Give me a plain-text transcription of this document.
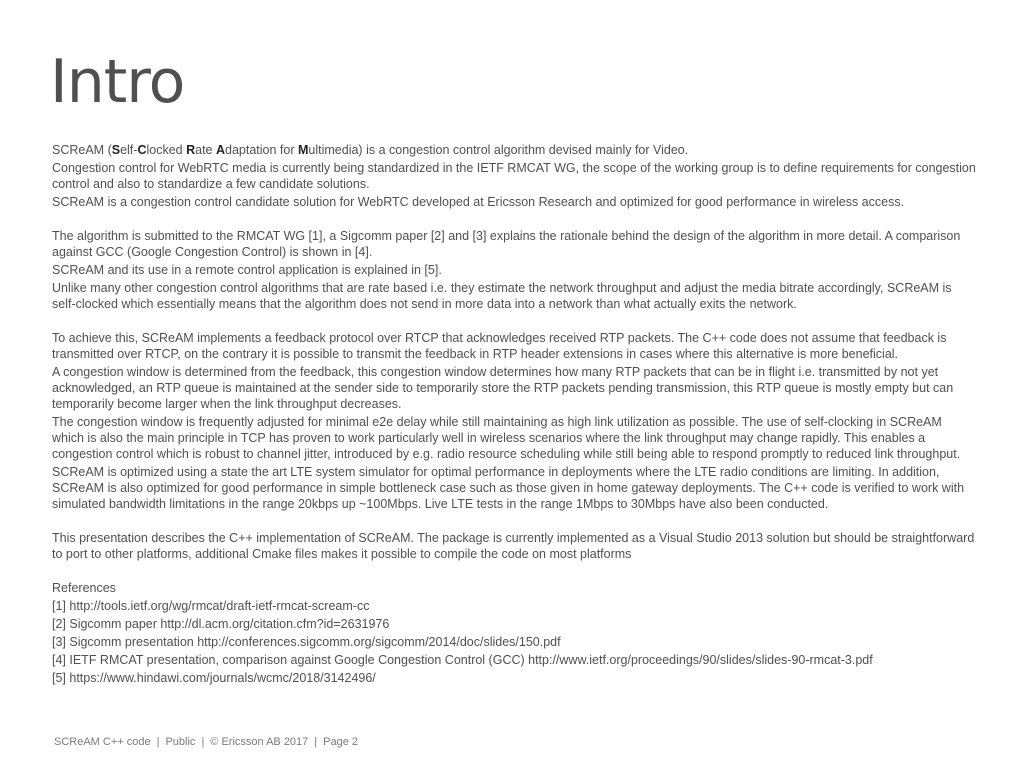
Intro

SCReAM (Self-Clocked Rate Adaptation for Multimedia) is a congestion control algorithm devised mainly for Video.

Congestion control for WebRTC media is currently being standardized in the IETF RMCAT WG, the scope of the working group is to define requirements for congestion control and also to standardize a few candidate solutions.

SCReAM is a congestion control candidate solution for WebRTC developed at Ericsson Research and optimized for good performance in wireless access.

The algorithm is submitted to the RMCAT WG [1], a Sigcomm paper [2] and [3] explains the rationale behind the design of the algorithm in more detail. A comparison against GCC (Google Congestion Control) is shown in [4].

SCReAM and its use in a remote control application is explained in [5].

Unlike many other congestion control algorithms that are rate based i.e. they estimate the network throughput and adjust the media bitrate accordingly, SCReAM is self-clocked which essentially means that the algorithm does not send in more data into a network than what actually exits the network.

To achieve this, SCReAM implements a feedback protocol over RTCP that acknowledges received RTP packets. The C++ code does not assume that feedback is transmitted over RTCP, on the contrary it is possible to transmit the feedback in RTP header extensions in cases where this alternative is more beneficial.

A congestion window is determined from the feedback, this congestion window determines how many RTP packets that can be in flight i.e. transmitted by not yet acknowledged, an RTP queue is maintained at the sender side to temporarily store the RTP packets pending transmission, this RTP queue is mostly empty but can temporarily become larger when the link throughput decreases.

The congestion window is frequently adjusted for minimal e2e delay while still maintaining as high link utilization as possible. The use of self-clocking in SCReAM which is also the main principle in TCP has proven to work particularly well in wireless scenarios where the link throughput may change rapidly. This enables a congestion control which is robust to channel jitter, introduced by e.g. radio resource scheduling while still being able to respond promptly to reduced link throughput.

SCReAM is optimized using a state the art LTE system simulator for optimal performance in deployments where the LTE radio conditions are limiting. In addition, SCReAM is also optimized for good performance in simple bottleneck case such as those given in home gateway deployments. The C++ code is verified to work with simulated bandwidth limitations in the range 20kbps up ~100Mbps. Live LTE tests in the range 1Mbps to 30Mbps have also been conducted.

This presentation describes the C++ implementation of SCReAM. The package is currently implemented as a Visual Studio 2013 solution but should be straightforward to port to other platforms, additional Cmake files makes it possible to compile the code on most platforms

References

[1] http://tools.ietf.org/wg/rmcat/draft-ietf-rmcat-scream-cc

[2] Sigcomm paper http://dl.acm.org/citation.cfm?id=2631976

[3] Sigcomm presentation http://conferences.sigcomm.org/sigcomm/2014/doc/slides/150.pdf

[4] IETF RMCAT presentation, comparison against Google Congestion Control (GCC) http://www.ietf.org/proceedings/90/slides/slides-90-rmcat-3.pdf

[5] https://www.hindawi.com/journals/wcmc/2018/3142496/

SCReAM C++ code | Public | © Ericsson AB 2017 | Page 2
